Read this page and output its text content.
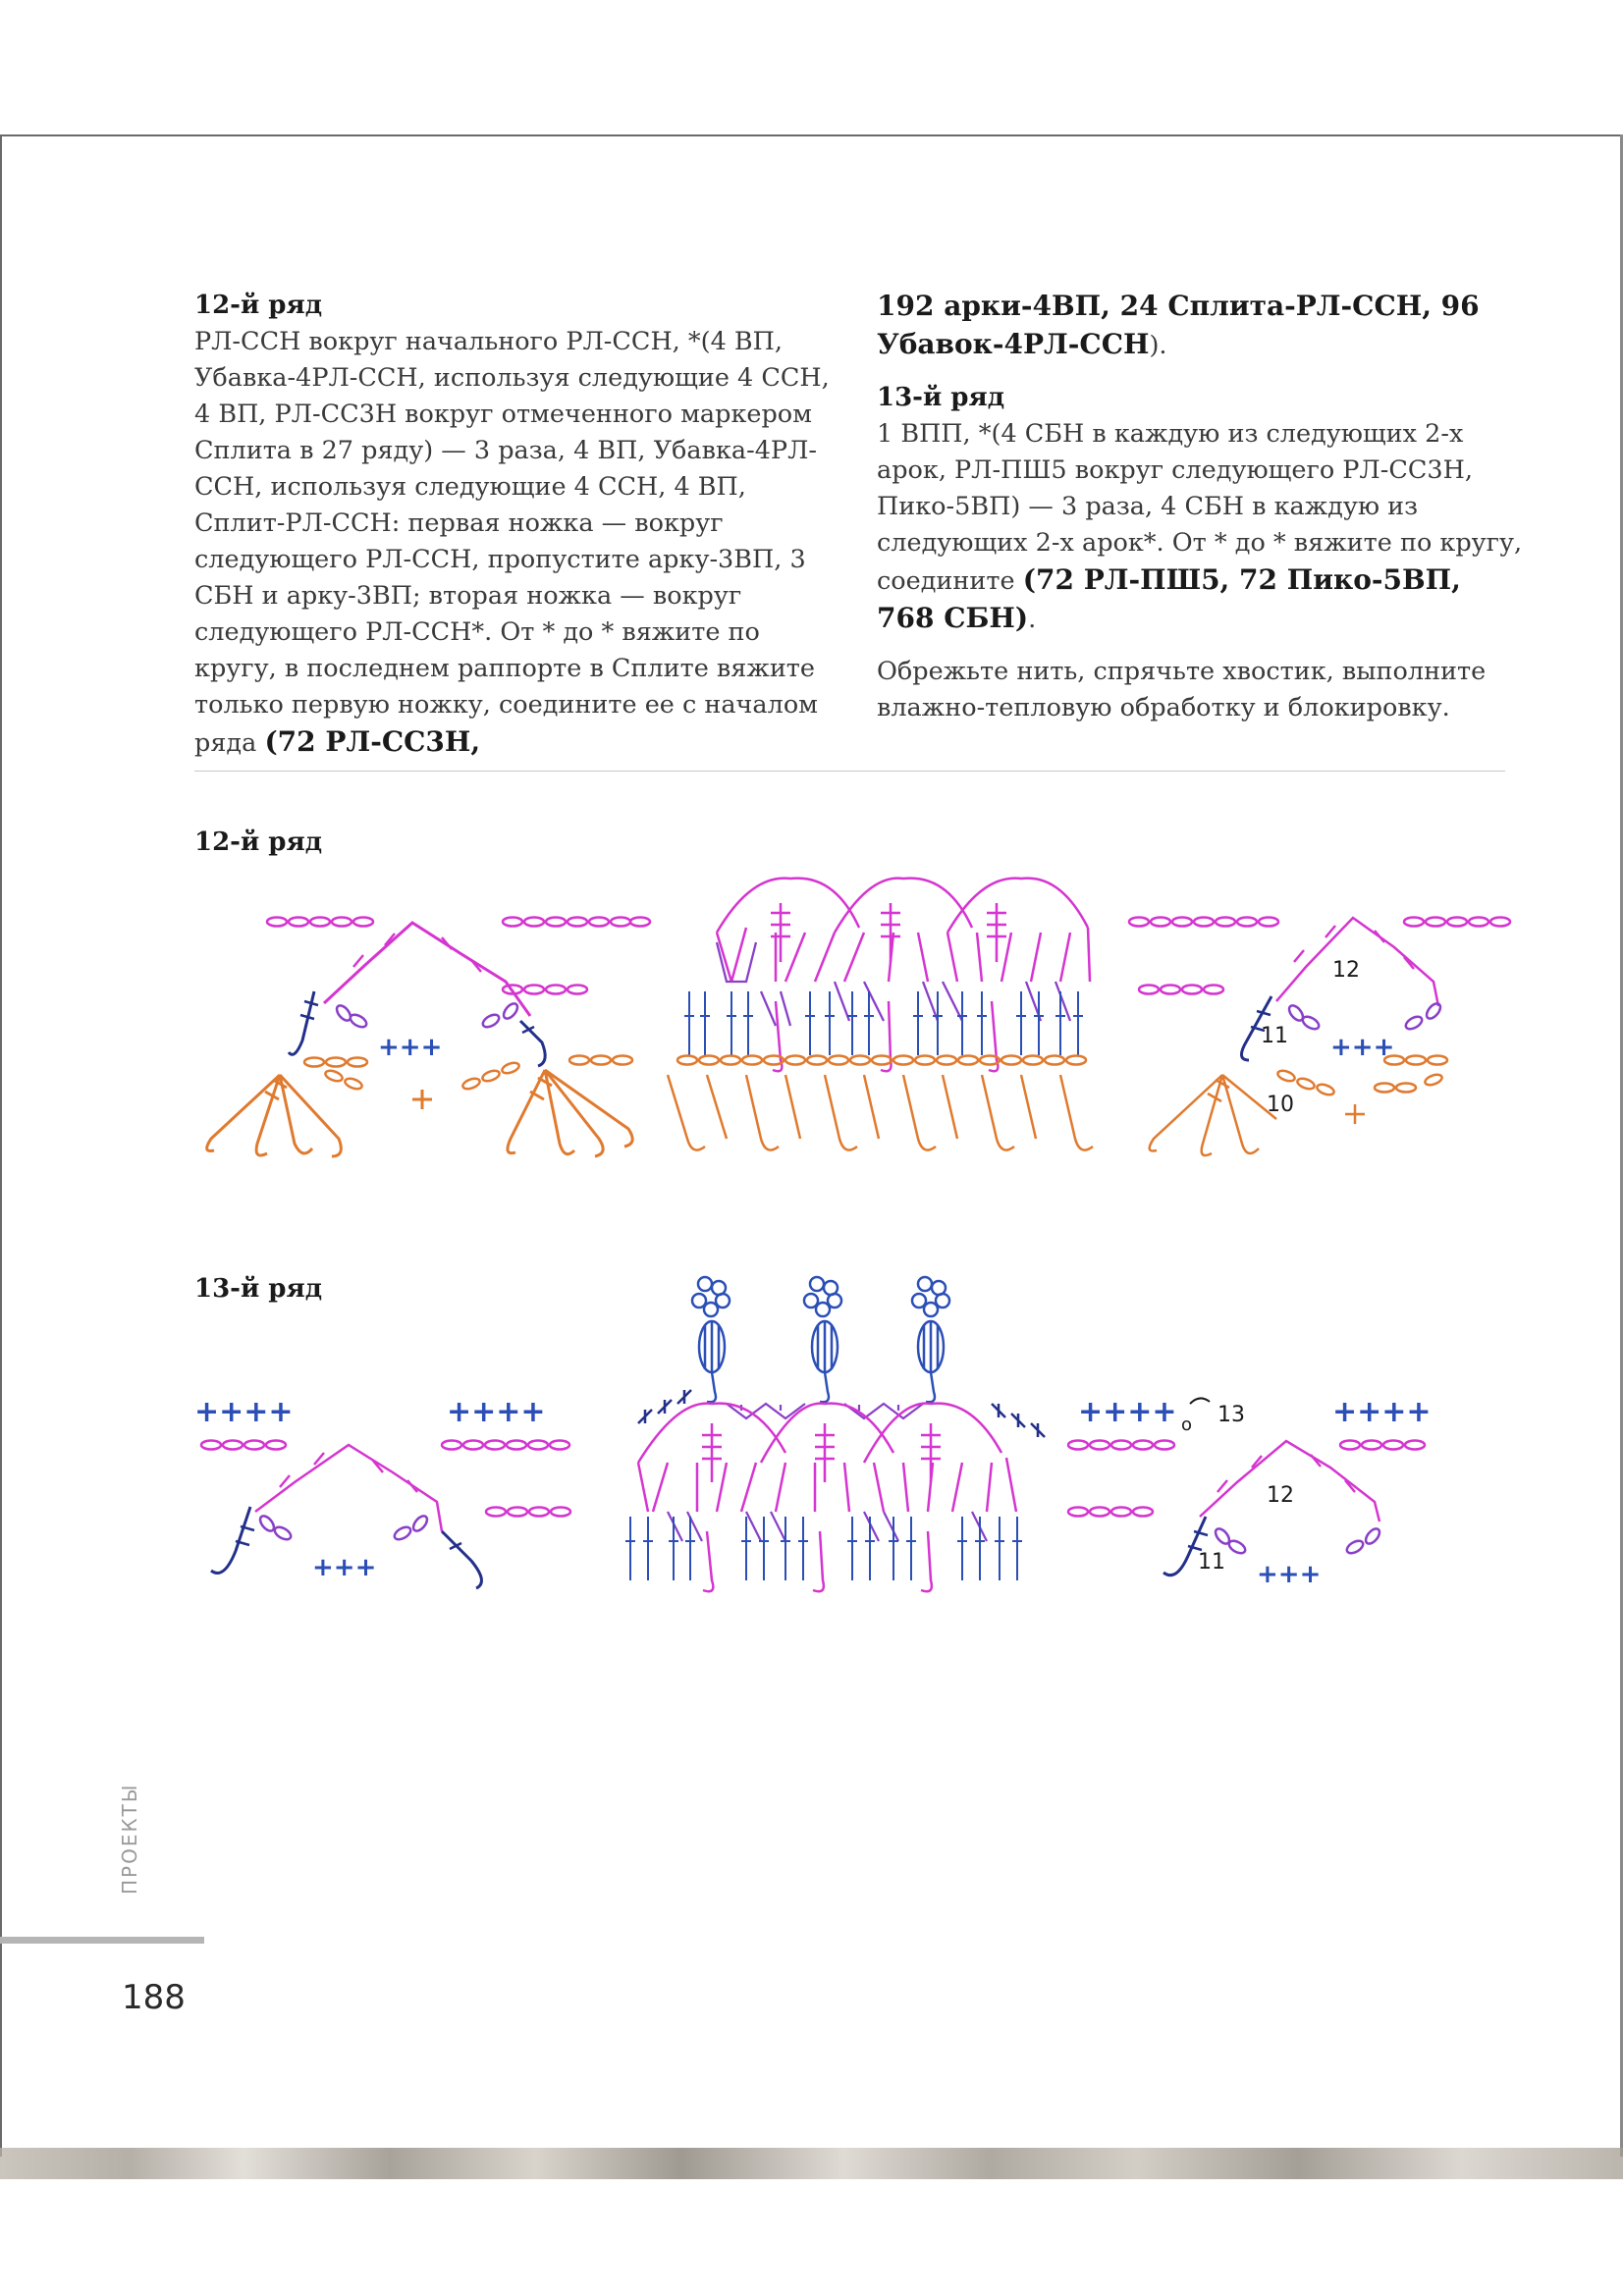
12-й ряд
РЛ-ССН вокруг начального РЛ-ССН, *(4 ВП, Убавка-4РЛ-ССН, используя следующие 4 ССН, 4 ВП, РЛ-СС3Н вокруг отмеченного маркером Сплита в 27 ряду) — 3 раза, 4 ВП, Убавка-4РЛ-ССН, используя следующие 4 ССН, 4 ВП, Сплит-РЛ-ССН: первая ножка — вокруг следующего РЛ-ССН, пропустите арку-3ВП, 3 СБН и арку-3ВП; вторая ножка — вокруг следующего РЛ-ССН*. От * до * вяжите по кругу, в последнем раппорте в Сплите вяжите только первую ножку, соедините ее с началом ряда (72 РЛ-СС3Н,
192 арки-4ВП, 24 Сплита-РЛ-ССН, 96 Убавок-4РЛ-ССН).
13-й ряд
1 ВПП, *(4 СБН в каждую из следующих 2-х арок, РЛ-ПШ5 вокруг следующего РЛ-СС3Н, Пико-5ВП) — 3 раза, 4 СБН в каждую из следующих 2-х арок*. От * до * вяжите по кругу, соедините (72 РЛ-ПШ5, 72 Пико-5ВП, 768 СБН).
Обрежьте нить, спрячьте хвостик, выполните влажно-тепловую обработку и блокировку.
12-й ряд
13-й ряд
+++	+++
12
11
10
++++	++++
+++
++++ o 13	++++
+++
12
11
ПРОЕКТЫ
188
